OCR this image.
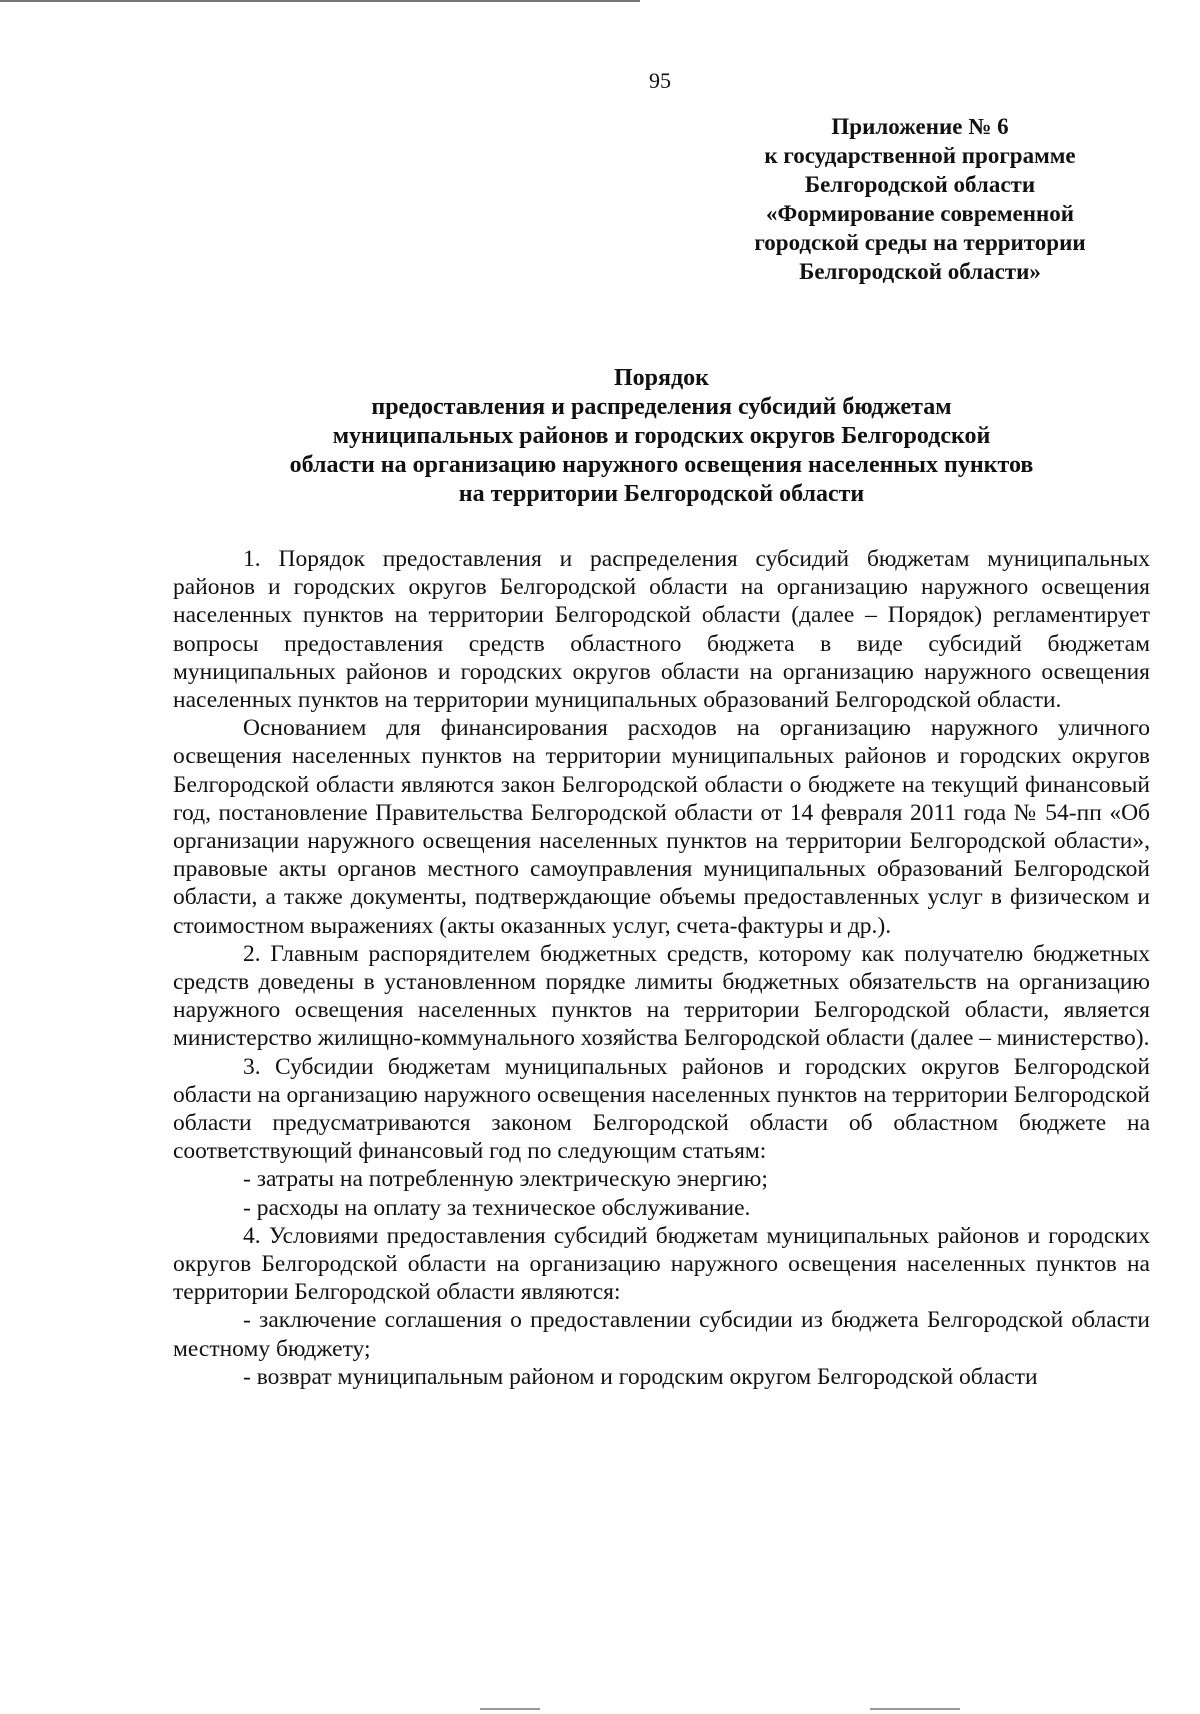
95
Приложение № 6
к государственной программе
Белгородской области
«Формирование современной
городской среды на территории
Белгородской области»
Порядок
предоставления и распределения субсидий бюджетам
муниципальных районов и городских округов Белгородской
области на организацию наружного освещения населенных пунктов
на территории Белгородской области

1. Порядок предоставления и распределения субсидий бюджетам муниципальных районов и городских округов Белгородской области на организацию наружного освещения населенных пунктов на территории Белгородской области (далее – Порядок) регламентирует вопросы предоставления средств областного бюджета в виде субсидий бюджетам муниципальных районов и городских округов области на организацию наружного освещения населенных пунктов на территории муниципальных образований Белгородской области.

Основанием для финансирования расходов на организацию наружного уличного освещения населенных пунктов на территории муниципальных районов и городских округов Белгородской области являются закон Белгородской области о бюджете на текущий финансовый год, постановление Правительства Белгородской области от 14 февраля 2011 года № 54-пп «Об организации наружного освещения населенных пунктов на территории Белгородской области», правовые акты органов местного самоуправления муниципальных образований Белгородской области, а также документы, подтверждающие объемы предоставленных услуг в физическом и стоимостном выражениях (акты оказанных услуг, счета-фактуры и др.).

2. Главным распорядителем бюджетных средств, которому как получателю бюджетных средств доведены в установленном порядке лимиты бюджетных обязательств на организацию наружного освещения населенных пунктов на территории Белгородской области, является министерство жилищно-коммунального хозяйства Белгородской области (далее – министерство).

3. Субсидии бюджетам муниципальных районов и городских округов Белгородской области на организацию наружного освещения населенных пунктов на территории Белгородской области предусматриваются законом Белгородской области об областном бюджете на соответствующий финансовый год по следующим статьям:

- затраты на потребленную электрическую энергию;

- расходы на оплату за техническое обслуживание.

4. Условиями предоставления субсидий бюджетам муниципальных районов и городских округов Белгородской области на организацию наружного освещения населенных пунктов на территории Белгородской области являются:

- заключение соглашения о предоставлении субсидии из бюджета Белгородской области местному бюджету;

- возврат муниципальным районом и городским округом Белгородской области
